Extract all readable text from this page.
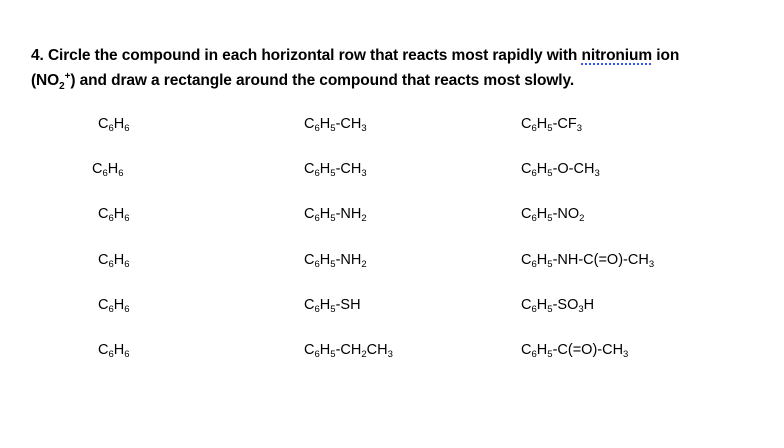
4. Circle the compound in each horizontal row that reacts most rapidly with nitronium ion
$(NO_2^+)$ and draw a rectangle around the compound that reacts most slowly.
$C_6H_6$	$C_6H_5-CH_3$	$C_6H_5-CF_3$
$C_6H_6$	$C_6H_5-CH_3$	$C_6H_5-O-CH_3$
$C_6H_6$	$C_6H_5-NH_2$	$C_6H_5-NO_2$
$C_6H_6$	$C_6H_5-NH_2$	$C_6H_5-NH-C(=O)-CH_3$
$C_6H_6$	$C_6H_5-SH$	$C_6H_5-SO_3H$
$C_6H_6$	$C_6H_5-CH_2CH_3$	$C_6H_5-C(=O)-CH_3$
